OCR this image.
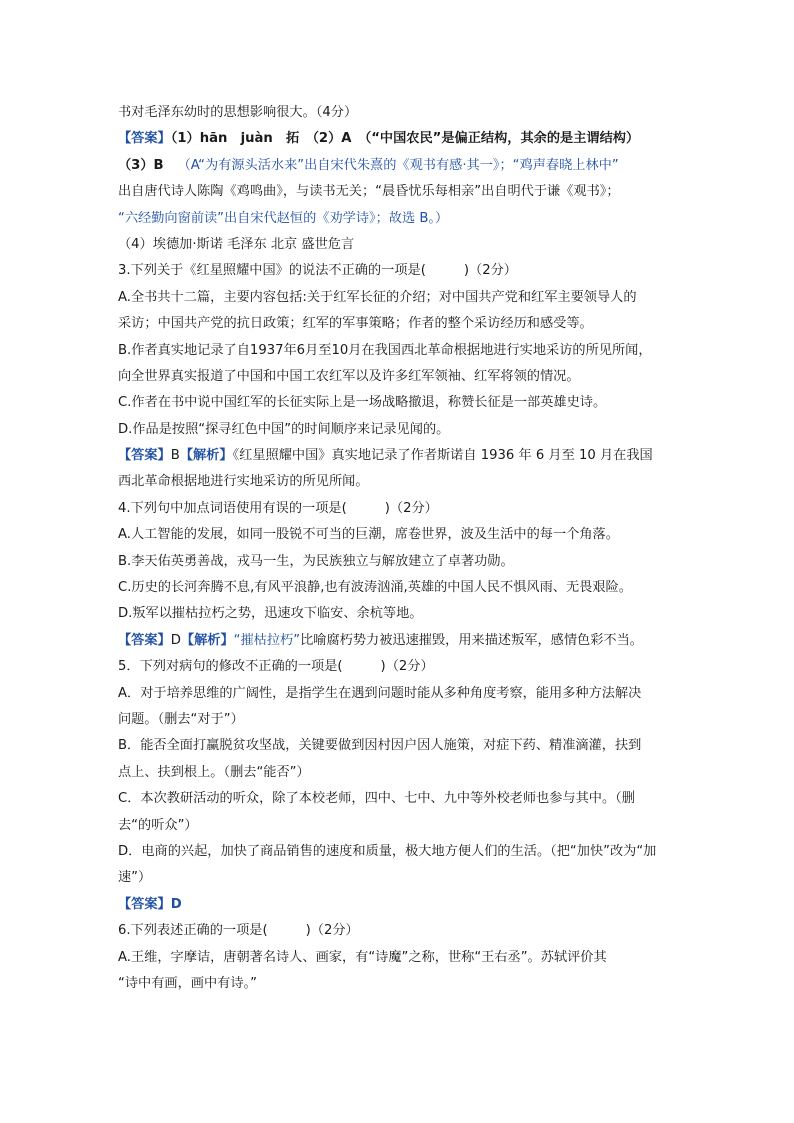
书对毛泽东幼时的思想影响很大。（4分）
【答案】（1）hān　juàn　拓　（2）A　（“中国农民”是偏正结构，其余的是主谓结构）
（3）B （A“为有源头活水来”出自宋代朱熹的《观书有感·其一》；“鸡声春晓上林中”
出自唐代诗人陈陶《鸡鸣曲》，与读书无关；“晨昏忧乐每相亲”出自明代于谦《观书》；
“六经勤向窗前读”出自宋代赵恒的《劝学诗》；故选 B。）
（4）埃德加·斯诺 毛泽东 北京 盛世危言
3.下列关于《红星照耀中国》的说法不正确的一项是(	)（2分）
A.全书共十二篇，主要内容包括:关于红军长征的介绍；对中国共产党和红军主要领导人的
采访；中国共产党的抗日政策；红军的军事策略；作者的整个采访经历和感受等。
B.作者真实地记录了自1937年6月至10月在我国西北革命根据地进行实地采访的所见所闻，
向全世界真实报道了中国和中国工农红军以及许多红军领袖、红军将领的情况。
C.作者在书中说中国红军的长征实际上是一场战略撤退，称赞长征是一部英雄史诗。
D.作品是按照“探寻红色中国”的时间顺序来记录见闻的。
【答案】B【解析】《红星照耀中国》真实地记录了作者斯诺自 1936 年 6 月至 10 月在我国
西北革命根据地进行实地采访的所见所闻。
4.下列句中加点词语使用有误的一项是(	)（2分）
A.人工智能的发展，如同一股锐不可当的巨潮，席卷世界，波及生活中的每一个角落。
B.李天佑英勇善战，戎马一生，为民族独立与解放建立了卓著功勋。
C.历史的长河奔腾不息,有风平浪静,也有波涛汹涌,英雄的中国人民不惧风雨、无畏艰险。
D.叛军以摧枯拉朽之势，迅速攻下临安、余杭等地。
【答案】D【解析】“摧枯拉朽”比喻腐朽势力被迅速摧毁，用来描述叛军，感情色彩不当。
5．下列对病句的修改不正确的一项是(	)（2分）
A．对于培养思维的广阔性，是指学生在遇到问题时能从多种角度考察，能用多种方法解决
问题。（删去“对于”）
B．能否全面打赢脱贫攻坚战，关键要做到因村因户因人施策，对症下药、精准滴灌，扶到
点上、扶到根上。（删去“能否”）
C．本次教研活动的听众，除了本校老师，四中、七中、九中等外校老师也参与其中。（删
去“的听众”）
D．电商的兴起，加快了商品销售的速度和质量，极大地方便人们的生活。（把“加快”改为“加
速”）
【答案】D
6.下列表述正确的一项是(	)（2分）
A.王维，字摩诘，唐朝著名诗人、画家，有“诗魔”之称，世称“王右丞”。苏轼评价其
“诗中有画，画中有诗。”
